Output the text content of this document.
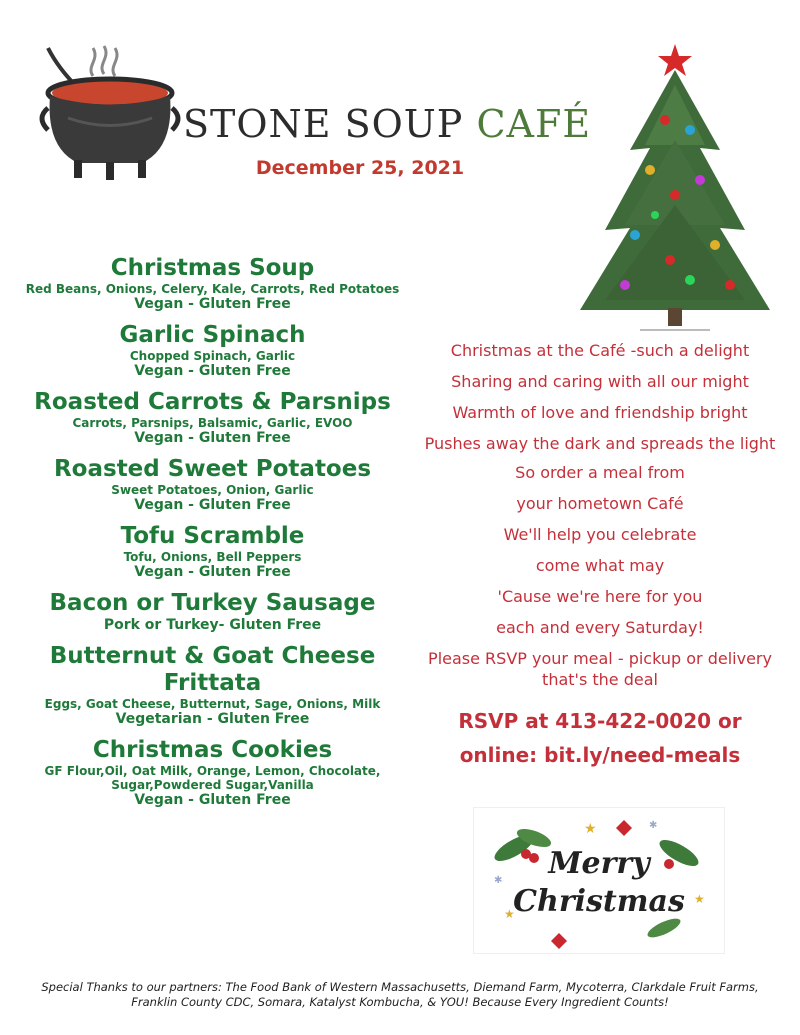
STONE SOUP CAFÉ
December 25, 2021
Christmas Soup
Red Beans, Onions, Celery, Kale, Carrots, Red Potatoes
Vegan - Gluten Free
Garlic Spinach
Chopped Spinach, Garlic
Vegan - Gluten Free
Roasted Carrots & Parsnips
Carrots, Parsnips, Balsamic, Garlic, EVOO
Vegan - Gluten Free
Roasted Sweet Potatoes
Sweet Potatoes, Onion, Garlic
Vegan - Gluten Free
Tofu Scramble
Tofu, Onions, Bell Peppers
Vegan - Gluten Free
Bacon or Turkey Sausage
Pork or Turkey- Gluten Free
Butternut & Goat Cheese Frittata
Eggs, Goat Cheese, Butternut, Sage, Onions, Milk
Vegetarian - Gluten Free
Christmas Cookies
GF Flour,Oil, Oat Milk, Orange, Lemon, Chocolate, Sugar,Powdered Sugar,Vanilla
Vegan - Gluten Free
Christmas at the Café -such a delight
Sharing and caring with all our might
Warmth of love and friendship bright
Pushes away the dark and spreads the light
So order a meal from
your hometown Café
We'll help you celebrate
come what may
'Cause we're here for you
each and every Saturday!
Please RSVP your meal - pickup or delivery that's the deal
RSVP at 413-422-0020 or
online: bit.ly/need-meals
★
★
★
✱
✱	Merry
Christmas
Special Thanks to our partners: The Food Bank of Western Massachusetts, Diemand Farm, Mycoterra, Clarkdale Fruit Farms, Franklin County CDC, Somara, Katalyst Kombucha, & YOU! Because Every Ingredient Counts!
